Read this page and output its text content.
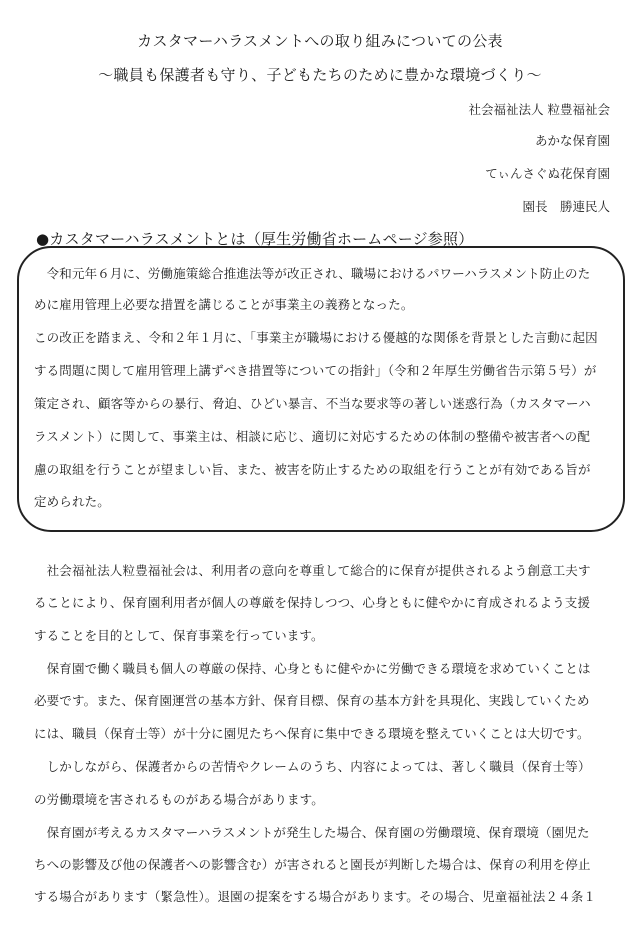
カスタマーハラスメントへの取り組みについての公表
～職員も保護者も守り、子どもたちのために豊かな環境づくり～
社会福祉法人 粒豊福祉会
あかな保育園
てぃんさぐぬ花保育園
園長　勝連民人
●カスタマーハラスメントとは（厚生労働省ホームページ参照）
　令和元年６月に、労働施策総合推進法等が改正され、職場におけるパワーハラスメント防止のた
めに雇用管理上必要な措置を講じることが事業主の義務となった。
この改正を踏まえ、令和２年１月に、「事業主が職場における優越的な関係を背景とした言動に起因
する問題に関して雇用管理上講ずべき措置等についての指針」（令和２年厚生労働省告示第５号）が
策定され、顧客等からの暴行、脅迫、ひどい暴言、不当な要求等の著しい迷惑行為（カスタマーハ
ラスメント）に関して、事業主は、相談に応じ、適切に対応するための体制の整備や被害者への配
慮の取組を行うことが望ましい旨、また、被害を防止するための取組を行うことが有効である旨が
定められた。
　社会福祉法人粒豊福祉会は、利用者の意向を尊重して総合的に保育が提供されるよう創意工夫す
ることにより、保育園利用者が個人の尊厳を保持しつつ、心身ともに健やかに育成されるよう支援
することを目的として、保育事業を行っています。
　保育園で働く職員も個人の尊厳の保持、心身ともに健やかに労働できる環境を求めていくことは
必要です。また、保育園運営の基本方針、保育目標、保育の基本方針を具現化、実践していくため
には、職員（保育士等）が十分に園児たちへ保育に集中できる環境を整えていくことは大切です。
　しかしながら、保護者からの苦情やクレームのうち、内容によっては、著しく職員（保育士等）
の労働環境を害されるものがある場合があります。
　保育園が考えるカスタマーハラスメントが発生した場合、保育園の労働環境、保育環境（園児た
ちへの影響及び他の保護者への影響含む）が害されると園長が判断した場合は、保育の利用を停止
する場合があります（緊急性）。退園の提案をする場合があります。その場合、児童福祉法２４条１
